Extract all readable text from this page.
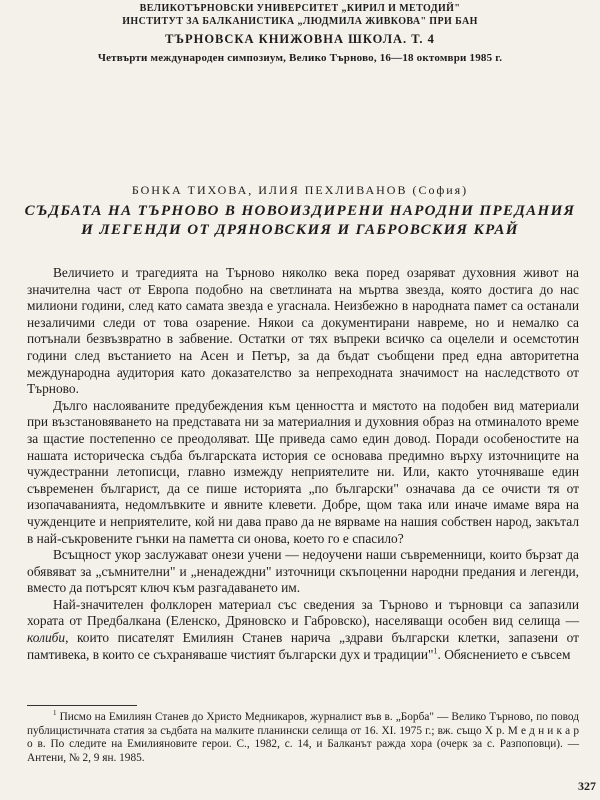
ВЕЛИКОТЪРНОВСКИ УНИВЕРСИТЕТ „КИРИЛ И МЕТОДИЙ"
ИНСТИТУТ ЗА БАЛКАНИСТИКА „ЛЮДМИЛА ЖИВКОВА" ПРИ БАН
ТЪРНОВСКА КНИЖОВНА ШКОЛА. Т. 4
Четвърти международен симпозиум, Велико Търново, 16—18 октомври 1985 г.
БОНКА ТИХОВА, ИЛИЯ ПЕХЛИВАНОВ (София)
СЪДБАТА НА ТЪРНОВО В НОВОИЗДИРЕНИ НАРОДНИ ПРЕДАНИЯ
И ЛЕГЕНДИ ОТ ДРЯНОВСКИЯ И ГАБРОВСКИЯ КРАЙ

Величието и трагедията на Търново няколко века поред озаряват духовния живот на значителна част от Европа подобно на светлината на мъртва звезда, която достига до нас милиони години, след като самата звезда е угаснала. Неизбежно в народната памет са останали незаличими следи от това озарение. Някои са документирани навреме, но и немалко са потънали безвъзвратно в забвение. Остатки от тях въпреки всичко са оцелели и осемстотин години след въстанието на Асен и Петър, за да бъдат съобщени пред една авторитетна международна аудитория като доказателство за непреходната значимост на наследството от Търново.

Дълго наслояваните предубеждения към ценността и мястото на подобен вид материали при възстановяването на представата ни за материалния и духовния образ на отминалото време за щастие постепенно се преодоляват. Ще приведа само един довод. Поради особеностите на нашата историческа съдба българската история се основава предимно върху източниците на чуждестранни летописци, главно измежду неприятелите ни. Или, както уточняваше един съвременен българист, да се пише историята „по български" означава да се очисти тя от изопачаванията, недомлъвките и явните клевети. Добре, щом така или иначе имаме вяра на чужденците и неприятелите, кой ни дава право да не вярваме на нашия собствен народ, закътал в най-съкровените гънки на паметта си онова, което го е спасило?

Всъщност укор заслужават онези учени — недоучени наши съвременници, които бързат да обявяват за „съмнителни" и „ненадеждни" източници скъпоценни народни предания и легенди, вместо да потърсят ключ към разгадаването им.

Най-значителен фолклорен материал със сведения за Търново и търновци са запазили хората от Предбалкана (Еленско, Дряновско и Габровско), населяващи особен вид селища — колиби, които писателят Емилиян Станев нарича „здрави български клетки, запазени от памтивека, в които се съхраняваше чистият български дух и традиции"$^1$. Обяснението е съвсем

$^1$ Писмо на Емилиян Станев до Христо Медникаров, журналист във в. „Борба" — Велико Търново, по повод публицистичната статия за съдбата на малките планински селища от 16. XI. 1975 г.; вж. също Х р. М е д н и к а р о в. По следите на Емилияновите герои. С., 1982, с. 14, и Балканът ражда хора (очерк за с. Разпоповци). — Антени, № 2, 9 ян. 1985.

327
